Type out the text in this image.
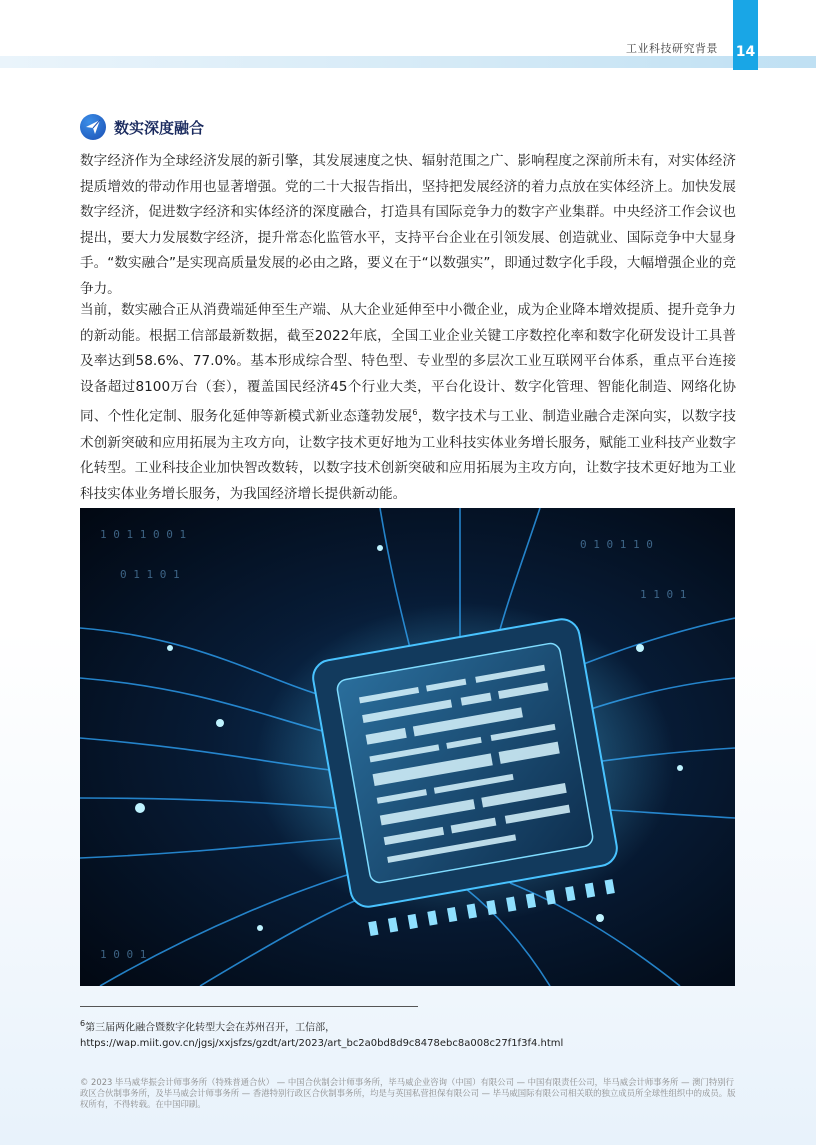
工业科技研究背景 14
数实深度融合
数字经济作为全球经济发展的新引擎，其发展速度之快、辐射范围之广、影响程度之深前所未有，对实体经济提质增效的带动作用也显著增强。党的二十大报告指出，坚持把发展经济的着力点放在实体经济上。加快发展数字经济，促进数字经济和实体经济的深度融合，打造具有国际竞争力的数字产业集群。中央经济工作会议也提出，要大力发展数字经济，提升常态化监管水平，支持平台企业在引领发展、创造就业、国际竞争中大显身手。“数实融合”是实现高质量发展的必由之路，要义在于“以数强实”，即通过数字化手段，大幅增强企业的竞争力。
当前，数实融合正从消费端延伸至生产端、从大企业延伸至中小微企业，成为企业降本增效提质、提升竞争力的新动能。根据工信部最新数据，截至2022年底，全国工业企业关键工序数控化率和数字化研发设计工具普及率达到58.6%、77.0%。基本形成综合型、特色型、专业型的多层次工业互联网平台体系，重点平台连接设备超过8100万台（套），覆盖国民经济45个行业大类，平台化设计、数字化管理、智能化制造、网络化协同、个性化定制、服务化延伸等新模式新业态蓬勃发展$^6$，数字技术与工业、制造业融合走深向实，以数字技术创新突破和应用拓展为主攻方向，让数字技术更好地为工业科技实体业务增长服务，赋能工业科技产业数字化转型。工业科技企业加快智改数转，以数字技术创新突破和应用拓展为主攻方向，让数字技术更好地为工业科技实体业务增长服务，为我国经济增长提供新动能。
1 0 1 1 0 0 1
0 1 1 0 1
0 1 0 1 1 0
1 1 0 1
1 0 0 1
$^6$第三届两化融合暨数字化转型大会在苏州召开，工信部，
https://wap.miit.gov.cn/jgsj/xxjsfzs/gzdt/art/2023/art_bc2a0bd8d9c8478ebc8a008c27f1f3f4.html
© 2023 毕马威华振会计师事务所（特殊普通合伙） — 中国合伙制会计师事务所，毕马威企业咨询（中国）有限公司 — 中国有限责任公司，毕马威会计师事务所 — 澳门特别行政区合伙制事务所，及毕马威会计师事务所 — 香港特别行政区合伙制事务所，均是与英国私营担保有限公司 — 毕马威国际有限公司相关联的独立成员所全球性组织中的成员。版权所有，不得转载。在中国印刷。
